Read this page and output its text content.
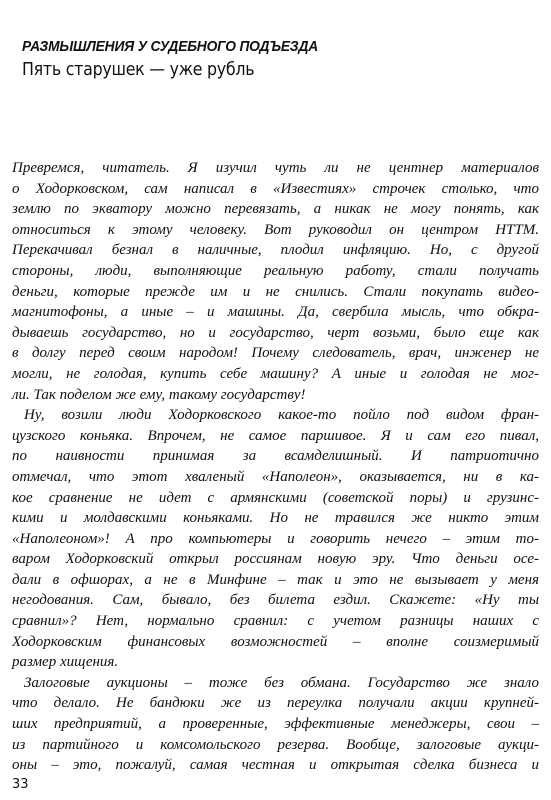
РАЗМЫШЛЕНИЯ У СУДЕБНОГО ПОДЪЕЗДА
Пять старушек — уже рубль
Превремся, читатель. Я изучил чуть ли не центнер материалов
о Ходорковском, сам написал в «Известиях» строчек столько, что
землю по экватору можно перевязать, а никак не могу понять, как
относиться к этому человеку. Вот руководил он центром НТТМ.
Перекачивал безнал в наличные, плодил инфляцию. Но, с другой
стороны, люди, выполняющие реальную работу, стали получать
деньги, которые прежде им и не снились. Стали покупать видео-
магнитофоны, а иные – и машины. Да, свербила мысль, что обкра-
дываешь государство, но и государство, черт возьми, было еще как
в долгу перед своим народом! Почему следователь, врач, инженер не
могли, не голодая, купить себе машину? А иные и голодая не мог-
ли. Так поделом же ему, такому государству!
Ну, возили люди Ходорковского какое-то пойло под видом фран-
цузского коньяка. Впрочем, не самое паршивое. Я и сам его пивал,
по наивности принимая за всамделишный. И патриотично
отмечал, что этот хваленый «Наполеон», оказывается, ни в ка-
кое сравнение не идет с армянскими (советской поры) и грузинс-
кими и молдавскими коньяками. Но не травился же никто этим
«Наполеоном»! А про компьютеры и говорить нечего – этим то-
варом Ходорковский открыл россиянам новую эру. Что деньги осе-
дали в офшорах, а не в Минфине – так и это не вызывает у меня
негодования. Сам, бывало, без билета ездил. Скажете: «Ну ты
сравнил»? Нет, нормально сравнил: с учетом разницы наших с
Ходорковским финансовых возможностей – вполне соизмеримый
размер хищения.
Залоговые аукционы – тоже без обмана. Государство же знало
что делало. Не бандюки же из переулка получали акции крупней-
ших предприятий, а проверенные, эффективные менеджеры, свои –
из партийного и комсомольского резерва. Вообще, залоговые аукци-
оны – это, пожалуй, самая честная и открытая сделка бизнеса и
33
